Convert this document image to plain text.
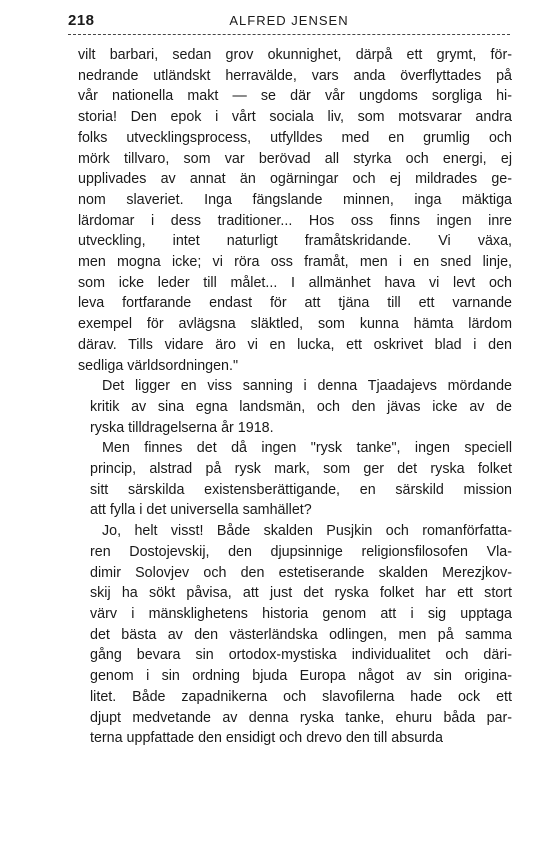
218	ALFRED JENSEN
vilt barbari, sedan grov okunnighet, därpå ett grymt, för-
nedrande utländskt herravälde, vars anda överflyttades på
vår nationella makt — se där vår ungdoms sorgliga hi-
storia! Den epok i vårt sociala liv, som motsvarar andra
folks utvecklingsprocess, utfylldes med en grumlig och
mörk tillvaro, som var berövad all styrka och energi, ej
upplivades av annat än ogärningar och ej mildrades ge-
nom slaveriet. Inga fängslande minnen, inga mäktiga
lärdomar i dess traditioner... Hos oss finns ingen inre
utveckling, intet naturligt framåtskridande. Vi växa,
men mogna icke; vi röra oss framåt, men i en sned linje,
som icke leder till målet... I allmänhet hava vi levt och
leva fortfarande endast för att tjäna till ett varnande
exempel för avlägsna släktled, som kunna hämta lärdom
därav. Tills vidare äro vi en lucka, ett oskrivet blad i den
sedliga världsordningen."
Det ligger en viss sanning i denna Tjaadajevs mördande
kritik av sina egna landsmän, och den jävas icke av de
ryska tilldragelserna år 1918.
Men finnes det då ingen "rysk tanke", ingen speciell
princip, alstrad på rysk mark, som ger det ryska folket
sitt särskilda existensberättigande, en särskild mission
att fylla i det universella samhället?
Jo, helt visst! Både skalden Pusjkin och romanförfatta-
ren Dostojevskij, den djupsinnige religionsfilosofen Vla-
dimir Solovjev och den estetiserande skalden Merezjkov-
skij ha sökt påvisa, att just det ryska folket har ett stort
värv i mänsklighetens historia genom att i sig upptaga
det bästa av den västerländska odlingen, men på samma
gång bevara sin ortodox-mystiska individualitet och däri-
genom i sin ordning bjuda Europa något av sin origina-
litet. Både zapadnikerna och slavofilerna hade ock ett
djupt medvetande av denna ryska tanke, ehuru båda par-
terna uppfattade den ensidigt och drevo den till absurda
